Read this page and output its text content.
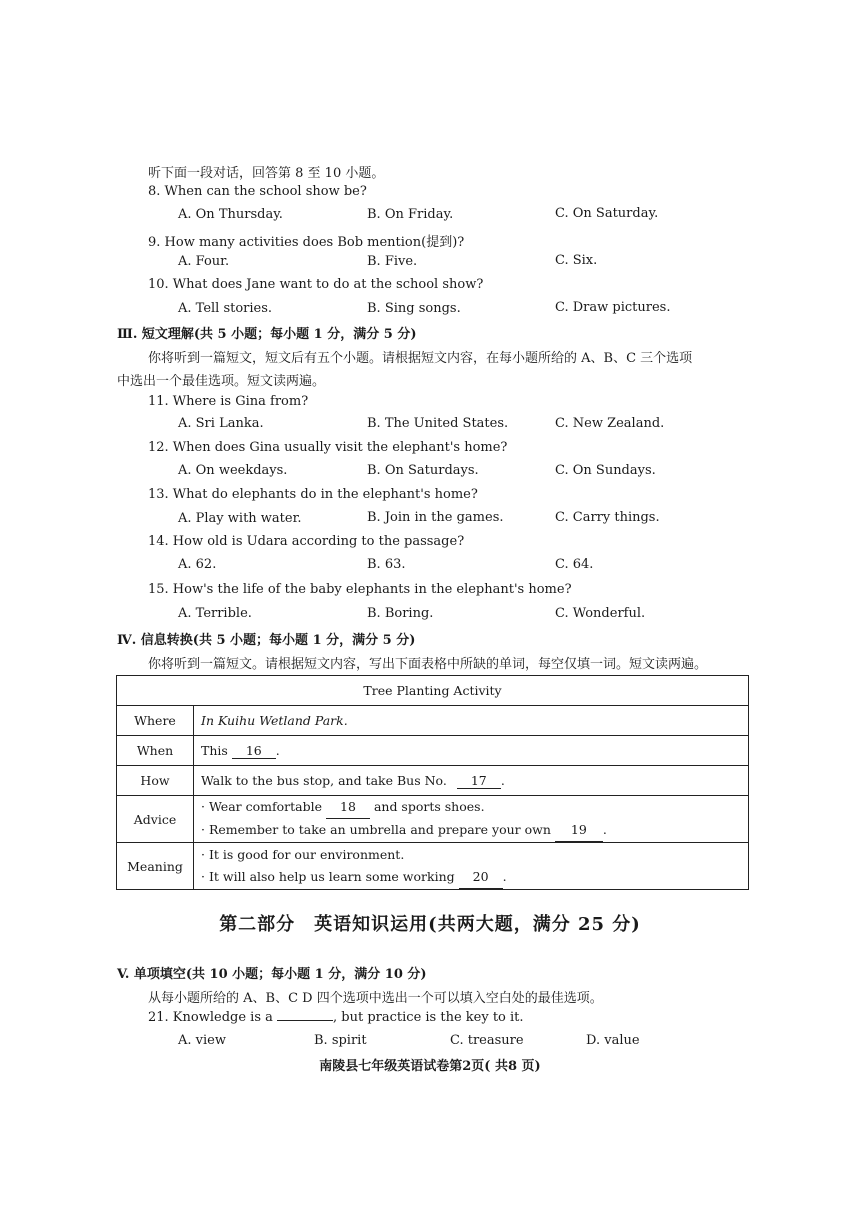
听下面一段对话，回答第 8 至 10 小题。
8. When can the school show be?
A. On Thursday.	B. On Friday.	C. On Saturday.
9. How many activities does Bob mention(提到)?
A. Four.	B. Five.	C. Six.
10. What does Jane want to do at the school show?
A. Tell stories.	B. Sing songs.	C. Draw pictures.
Ⅲ. 短文理解(共 5 小题；每小题 1 分，满分 5 分)
你将听到一篇短文，短文后有五个小题。请根据短文内容，在每小题所给的 A、B、C 三个选项
中选出一个最佳选项。短文读两遍。
11. Where is Gina from?
A. Sri Lanka.	B. The United States.	C. New Zealand.
12. When does Gina usually visit the elephant's home?
A. On weekdays.	B. On Saturdays.	C. On Sundays.
13. What do elephants do in the elephant's home?
A. Play with water.	B. Join in the games.	C. Carry things.
14. How old is Udara according to the passage?
A. 62.	B. 63.	C. 64.
15. How's the life of the baby elephants in the elephant's home?
A. Terrible.	B. Boring.	C. Wonderful.
Ⅳ. 信息转换(共 5 小题；每小题 1 分，满分 5 分)
你将听到一篇短文。请根据短文内容，写出下面表格中所缺的单词，每空仅填一词。短文读两遍。
Tree Planting Activity	
Where	In Kuihu Wetland Park.
When	This 16 .
How	Walk to the bus stop, and take Bus No. 17 .
Advice	· Wear comfortable 18 and sports shoes.
· Remember to take an umbrella and prepare your own 19 .

Meaning	· It is good for our environment.
· It will also help us learn some working 20 .
第二部分　英语知识运用(共两大题，满分 25 分)
V. 单项填空(共 10 小题；每小题 1 分，满分 10 分)
从每小题所给的 A、B、C D 四个选项中选出一个可以填入空白处的最佳选项。
21. Knowledge is a	, but practice is the key to it.
A. view	B. spirit	C. treasure	D. value
南陵县七年级英语试卷第2页( 共8 页)
